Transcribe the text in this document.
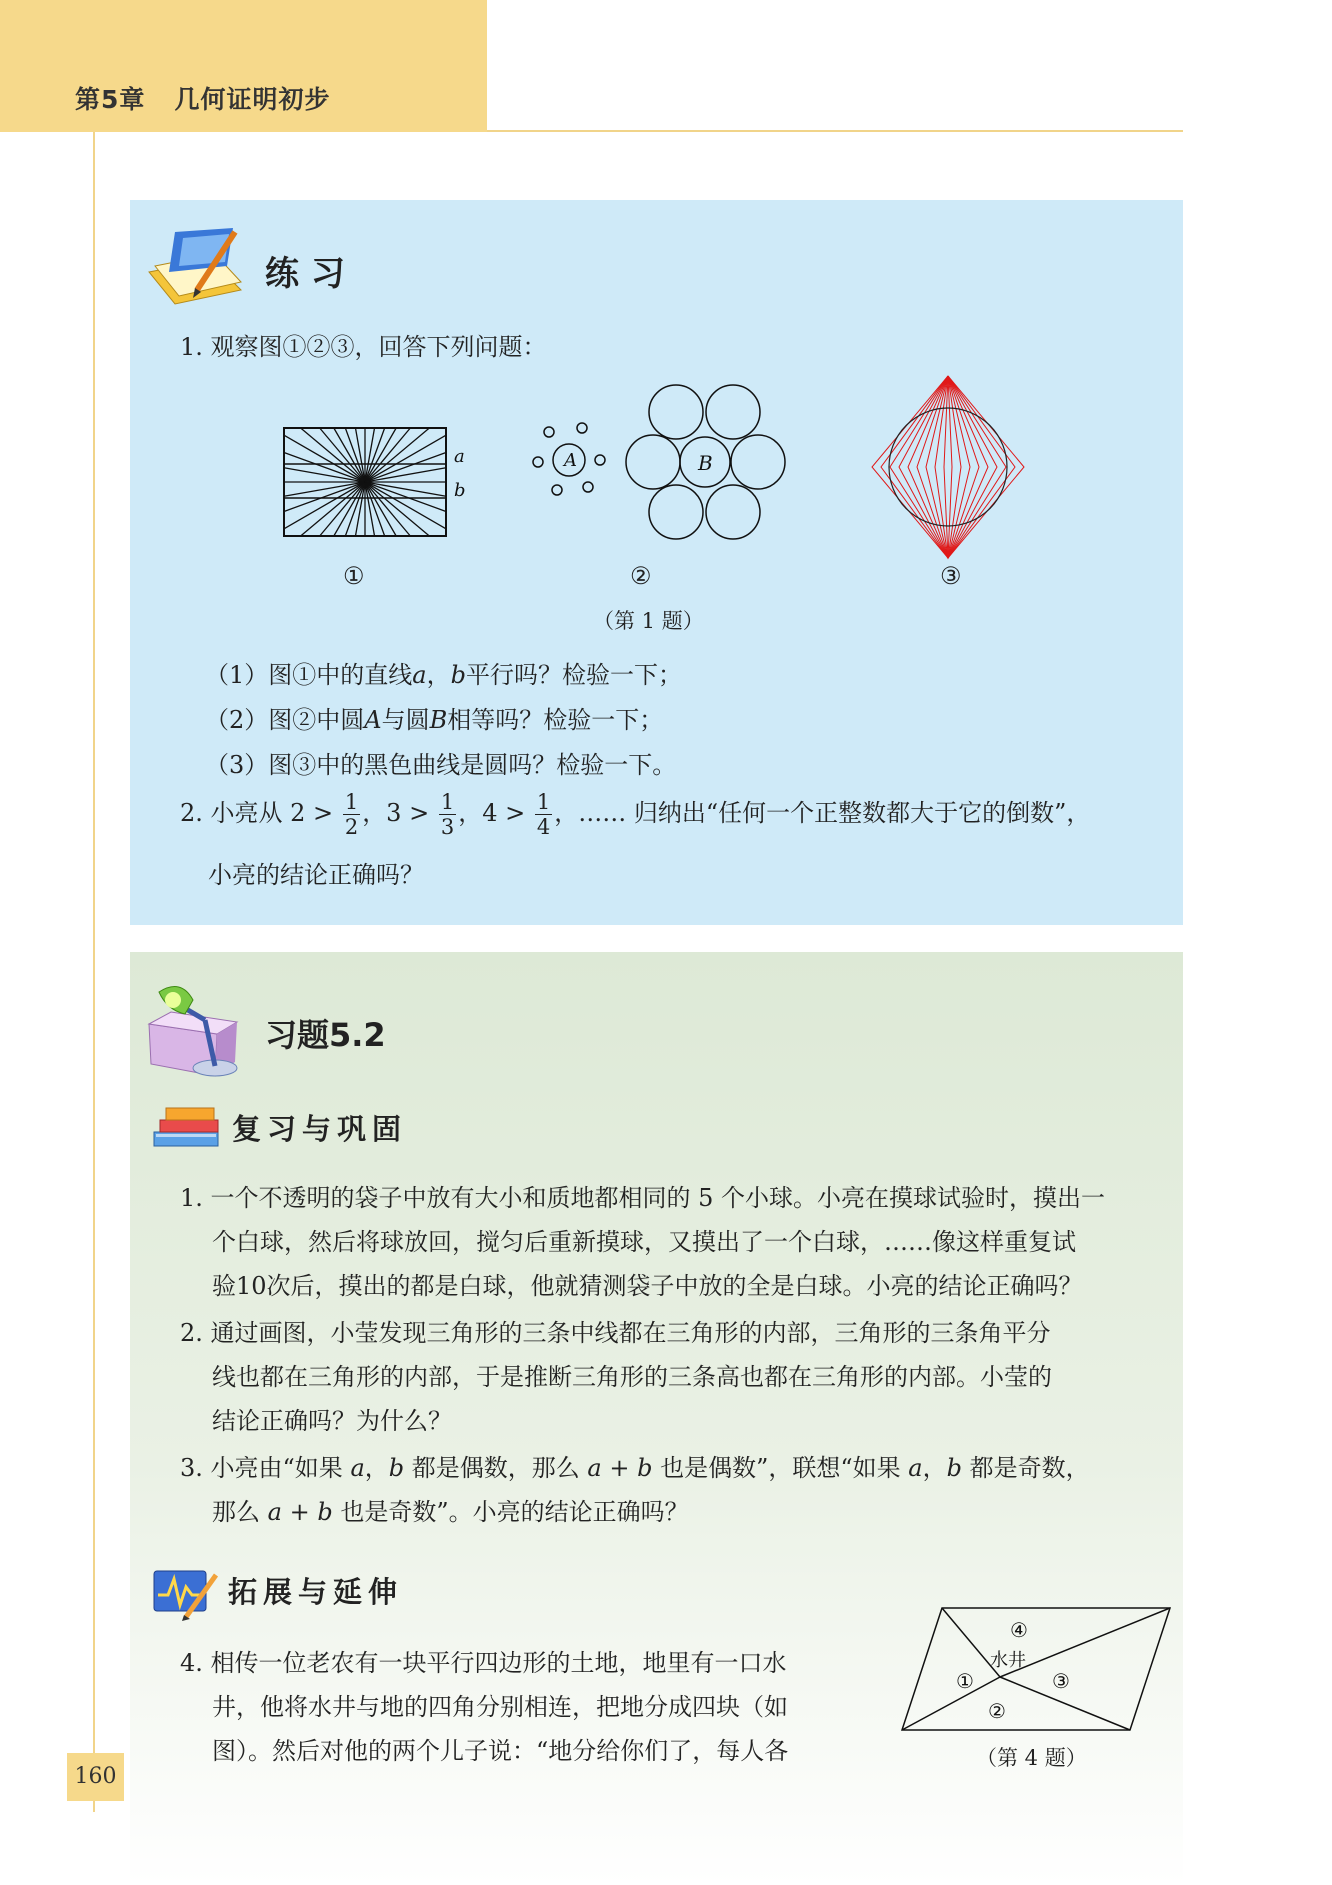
第5章 几何证明初步
练 习
1. 观察图①②③，回答下列问题：
a
b
①
A	B
②	③
（第 1 题）
（1）图①中的直线a，b平行吗？检验一下；
（2）图②中圆A与圆B相等吗？检验一下；
（3）图③中的黑色曲线是圆吗？检验一下。
2. 小亮从 $2 > \frac{1}{2}$ ，$3 > \frac{1}{3}$ ，$4 > \frac{1}{4}$ ，…… 归纳出“任何一个正整数都大于它的倒数”，
小亮的结论正确吗？
习题5.2
复习与巩固
1. 一个不透明的袋子中放有大小和质地都相同的 5 个小球。小亮在摸球试验时，摸出一
个白球，然后将球放回，搅匀后重新摸球，又摸出了一个白球，……像这样重复试
验10次后，摸出的都是白球，他就猜测袋子中放的全是白球。小亮的结论正确吗？
2. 通过画图，小莹发现三角形的三条中线都在三角形的内部，三角形的三条角平分
线也都在三角形的内部，于是推断三角形的三条高也都在三角形的内部。小莹的
结论正确吗？为什么？
3. 小亮由“如果 a，b 都是偶数，那么 a + b 也是偶数”，联想“如果 a，b 都是奇数，
那么 a + b 也是奇数”。小亮的结论正确吗？
拓展与延伸
4. 相传一位老农有一块平行四边形的土地，地里有一口水
井，他将水井与地的四角分别相连，把地分成四块（如
图）。然后对他的两个儿子说：“地分给你们了，每人各
④
水井
①	③
②
（第 4 题）
160
